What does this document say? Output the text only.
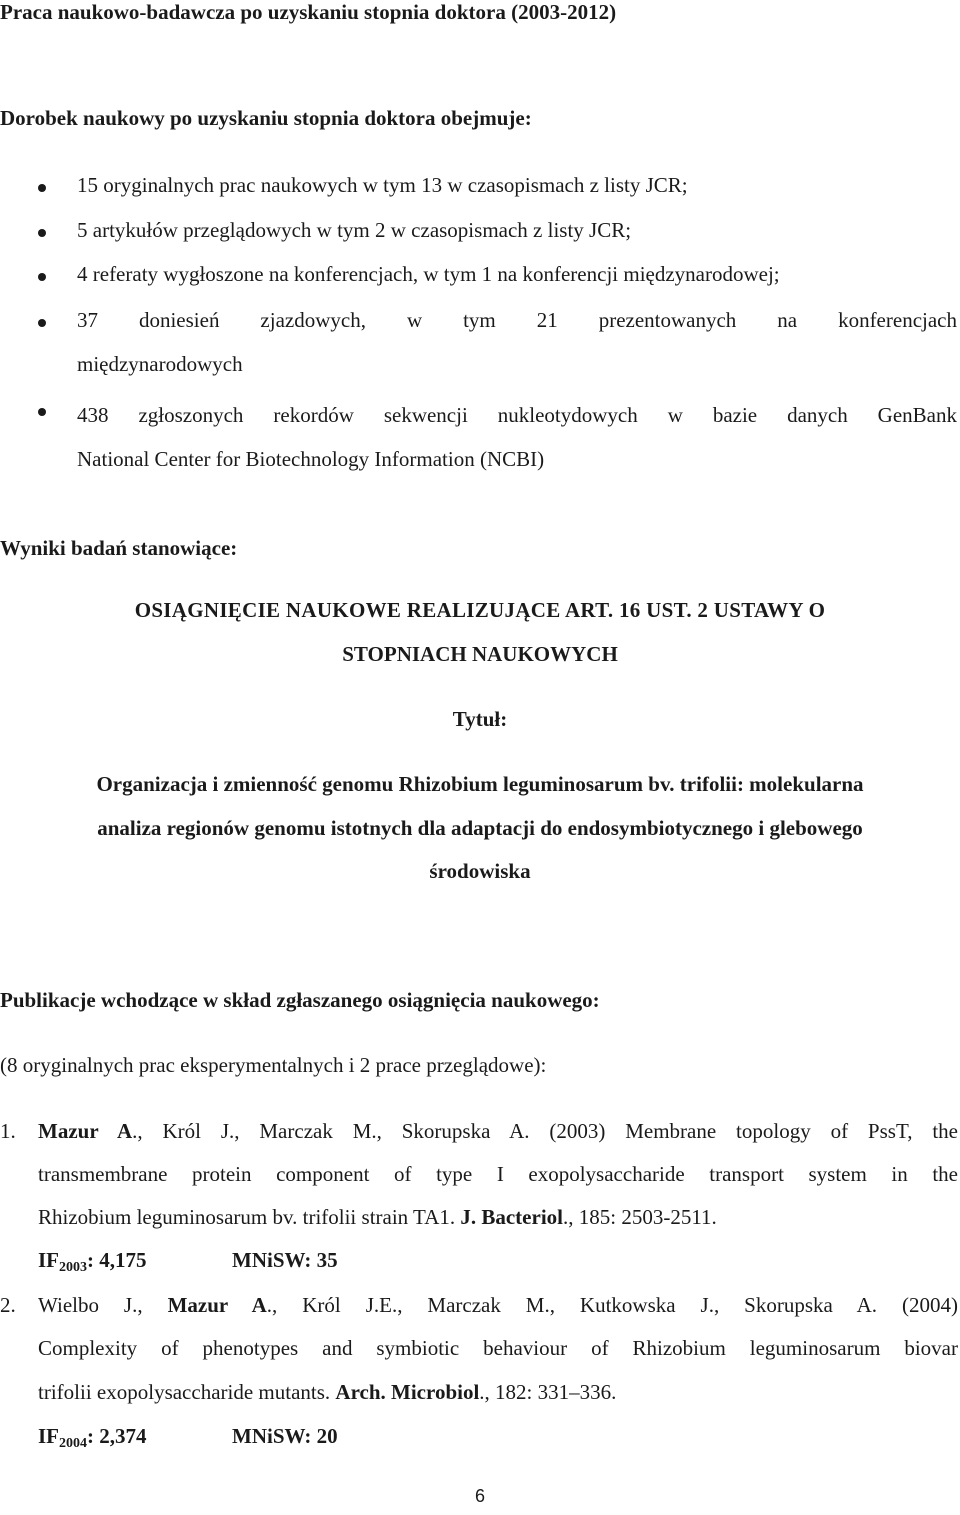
Praca naukowo-badawcza po uzyskaniu stopnia doktora (2003-2012)

Dorobek naukowy po uzyskaniu stopnia doktora obejmuje:

15 oryginalnych prac naukowych w tym 13 w czasopismach z listy JCR;

5 artykułów przeglądowych w tym 2 w czasopismach z listy JCR;

4 referaty wygłoszone na konferencjach, w tym 1 na konferencji międzynarodowej;

37 doniesień zjazdowych, w tym 21 prezentowanych na konferencjach

międzynarodowych

438 zgłoszonych rekordów sekwencji nukleotydowych w bazie danych GenBank

National Center for Biotechnology Information (NCBI)

Wyniki badań stanowiące:

OSIĄGNIĘCIE NAUKOWE REALIZUJĄCE ART. 16 UST. 2 USTAWY O

STOPNIACH NAUKOWYCH

Tytuł:

Organizacja i zmienność genomu Rhizobium leguminosarum bv. trifolii: molekularna

analiza regionów genomu istotnych dla adaptacji do endosymbiotycznego i glebowego

środowiska

Publikacje wchodzące w skład zgłaszanego osiągnięcia naukowego:

(8 oryginalnych prac eksperymentalnych i 2 prace przeglądowe):

1. Mazur A., Król J., Marczak M., Skorupska A. (2003) Membrane topology of PssT, the

transmembrane protein component of type I exopolysaccharide transport system in the

Rhizobium leguminosarum bv. trifolii strain TA1. J. Bacteriol., 185: 2503-2511.

$IF_{2003}$: 4,175	MNiSW: 35

2. Wielbo J., Mazur A., Król J.E., Marczak M., Kutkowska J., Skorupska A. (2004)

Complexity of phenotypes and symbiotic behaviour of Rhizobium leguminosarum biovar

trifolii exopolysaccharide mutants. Arch. Microbiol., 182: 331–336.

$IF_{2004}$: 2,374	MNiSW: 20

6
